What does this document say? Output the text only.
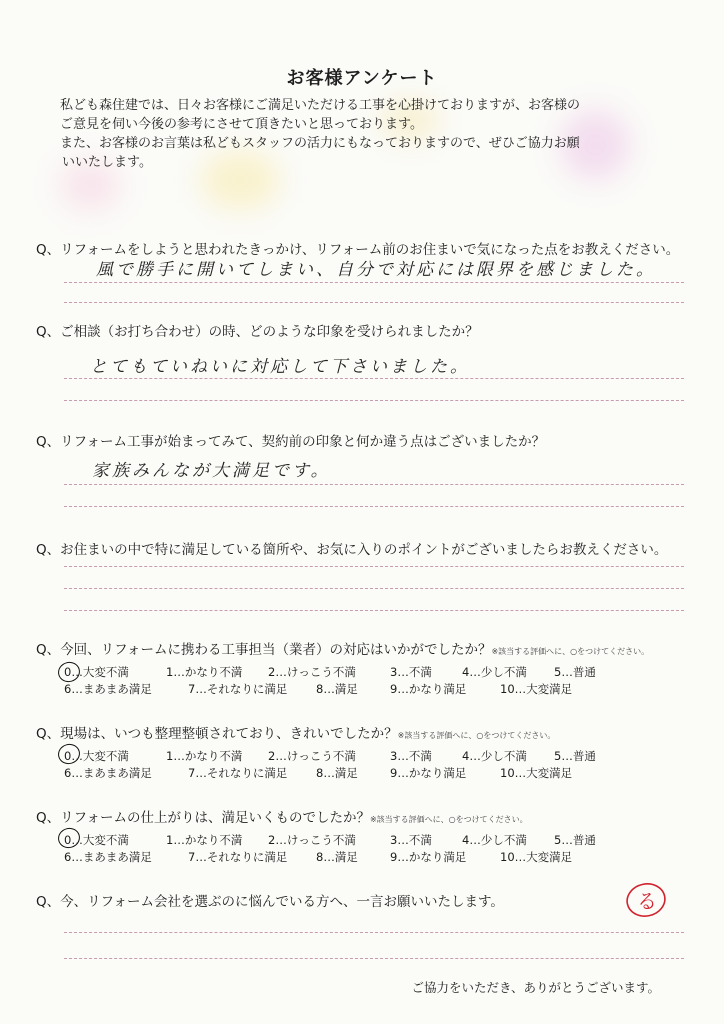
お客様アンケート
私ども森住建では、日々お客様にご満足いただける工事を心掛けておりますが、お客様の
ご意見を伺い今後の参考にさせて頂きたいと思っております。
また、お客様のお言葉は私どもスタッフの活力にもなっておりますので、ぜひご協力お願
いいたします。
Q、リフォームをしようと思われたきっかけ、リフォーム前のお住まいで気になった点をお教えください。
風で勝手に開いてしまい、自分で対応には限界を感じました。
Q、ご相談（お打ち合わせ）の時、どのような印象を受けられましたか？
とてもていねいに対応して下さいました。
Q、リフォーム工事が始まってみて、契約前の印象と何か違う点はございましたか？
家族みんなが大満足です。
Q、お住まいの中で特に満足している箇所や、お気に入りのポイントがございましたらお教えください。
Q、今回、リフォームに携わる工事担当（業者）の対応はいかがでしたか？※該当する評価へに、○をつけてください。
0…大変不満	1…かなり不満 2…けっこう不満	3…不満	4…少し不満 5…普通
6…まあまあ満足	7…それなりに満足 8…満足	9…かなり満足	10…大変満足
Q、現場は、いつも整理整頓されており、きれいでしたか？※該当する評価へに、○をつけてください。
0…大変不満	1…かなり不満 2…けっこう不満	3…不満	4…少し不満 5…普通
6…まあまあ満足	7…それなりに満足 8…満足	9…かなり満足	10…大変満足
Q、リフォームの仕上がりは、満足いくものでしたか？※該当する評価へに、○をつけてください。
0…大変不満	1…かなり不満 2…けっこう不満	3…不満	4…少し不満 5…普通
6…まあまあ満足	7…それなりに満足 8…満足	9…かなり満足	10…大変満足
Q、今、リフォーム会社を選ぶのに悩んでいる方へ、一言お願いいたします。	る
ご協力をいただき、ありがとうございます。
